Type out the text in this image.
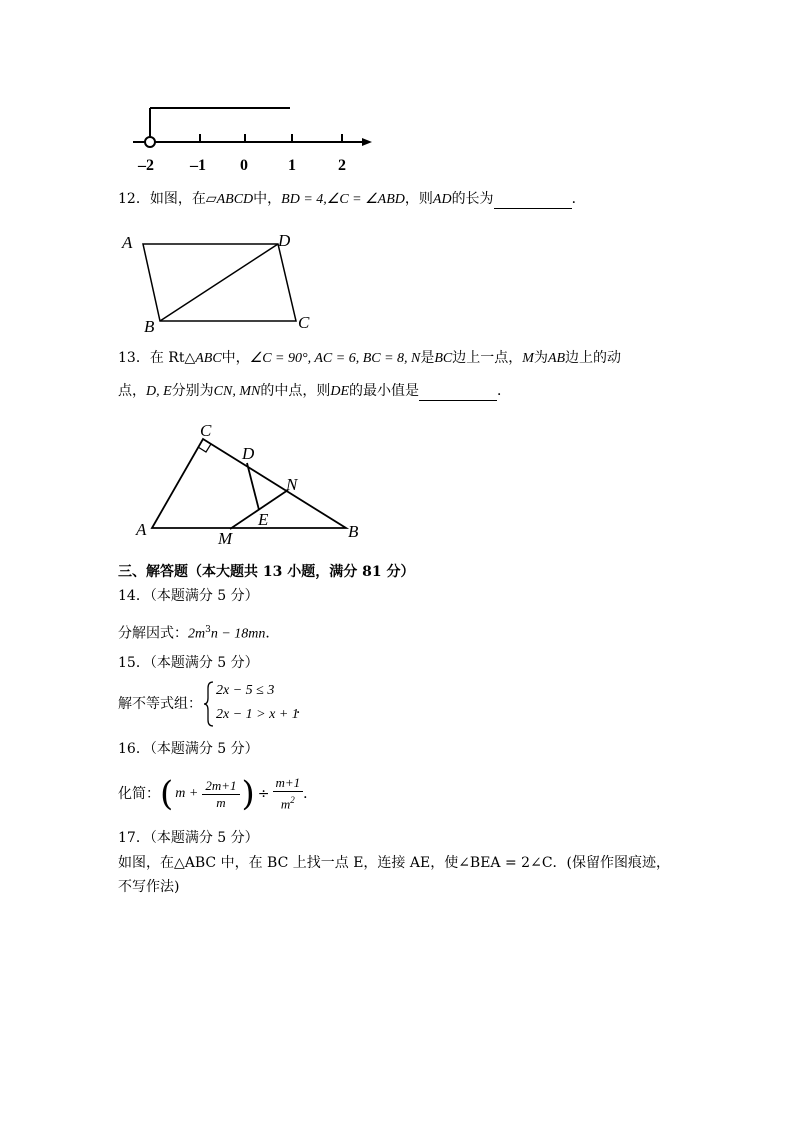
–2 –1 0	1	2
12．如图，在▱ABCD中，BD = 4,∠C = ∠ABD，则AD的长为	．
A	D
B	C
13．在 Rt△ABC中，∠C = 90°, AC = 6, BC = 8, N是BC边上一点，M为AB边上的动
点，D, E分别为CN, MN的中点，则DE的最小值是	．
C
D
N
E
A	M	B
三、解答题（本大题共 13 小题，满分 81 分）
14．（本题满分 5 分）
分解因式：$2m^3n - 18mn$．
15．（本题满分 5 分）
解不等式组：
2x − 5 ≤ 3
2x − 1 > x + 1
．
16．（本题满分 5 分）
化简： ( $m + \frac{2m+1}{m}$ ) ÷ $\frac{m+1}{m^2}$ ．
17．（本题满分 5 分）
如图，在△ABC 中，在 BC 上找一点 E，连接 AE，使∠BEA = 2∠C．(保留作图痕迹，
不写作法)
